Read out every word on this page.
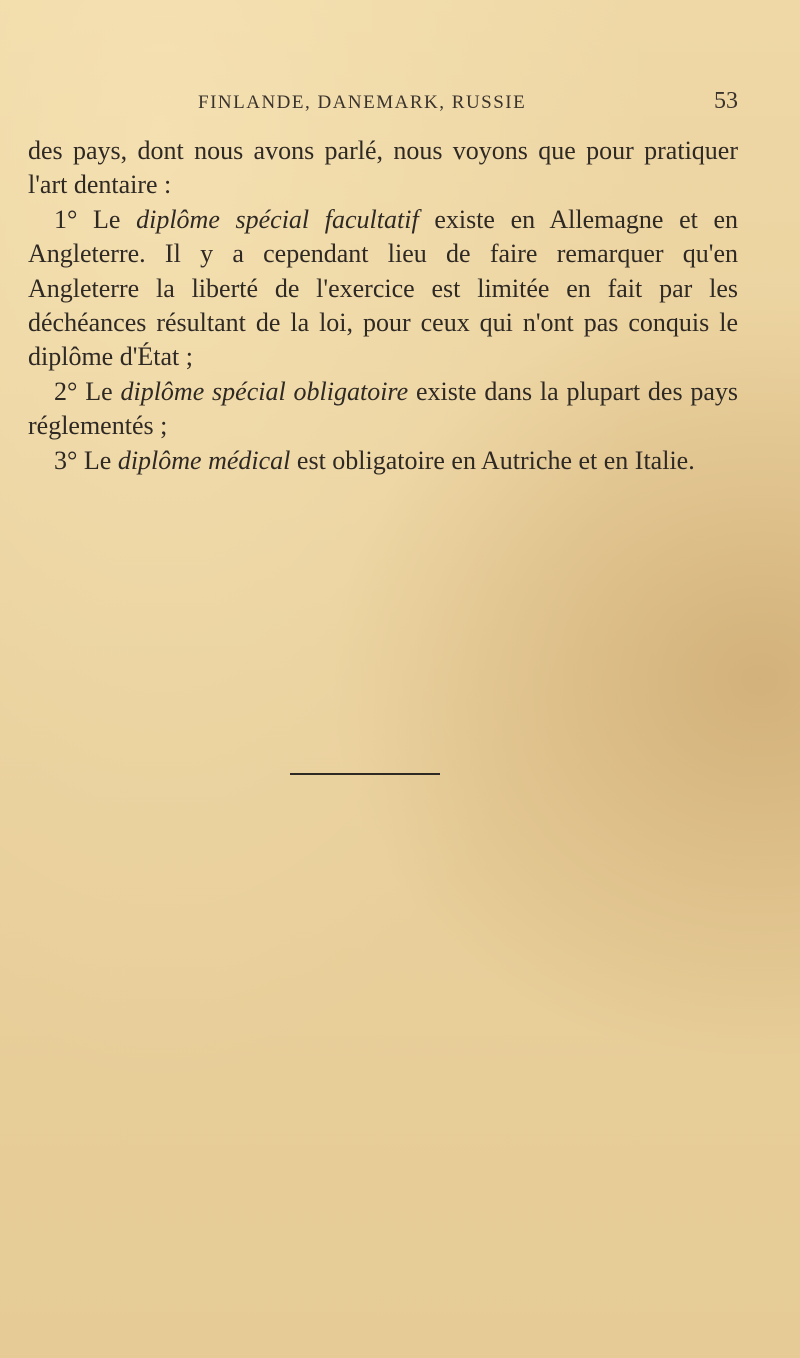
FINLANDE, DANEMARK, RUSSIE	53

des pays, dont nous avons parlé, nous voyons que pour pratiquer l'art dentaire :

1° Le diplôme spécial facultatif existe en Allemagne et en Angleterre. Il y a cependant lieu de faire remarquer qu'en Angleterre la liberté de l'exercice est limitée en fait par les déchéances résultant de la loi, pour ceux qui n'ont pas conquis le diplôme d'État ;

2° Le diplôme spécial obligatoire existe dans la plupart des pays réglementés ;

3° Le diplôme médical est obligatoire en Autriche et en Italie.
